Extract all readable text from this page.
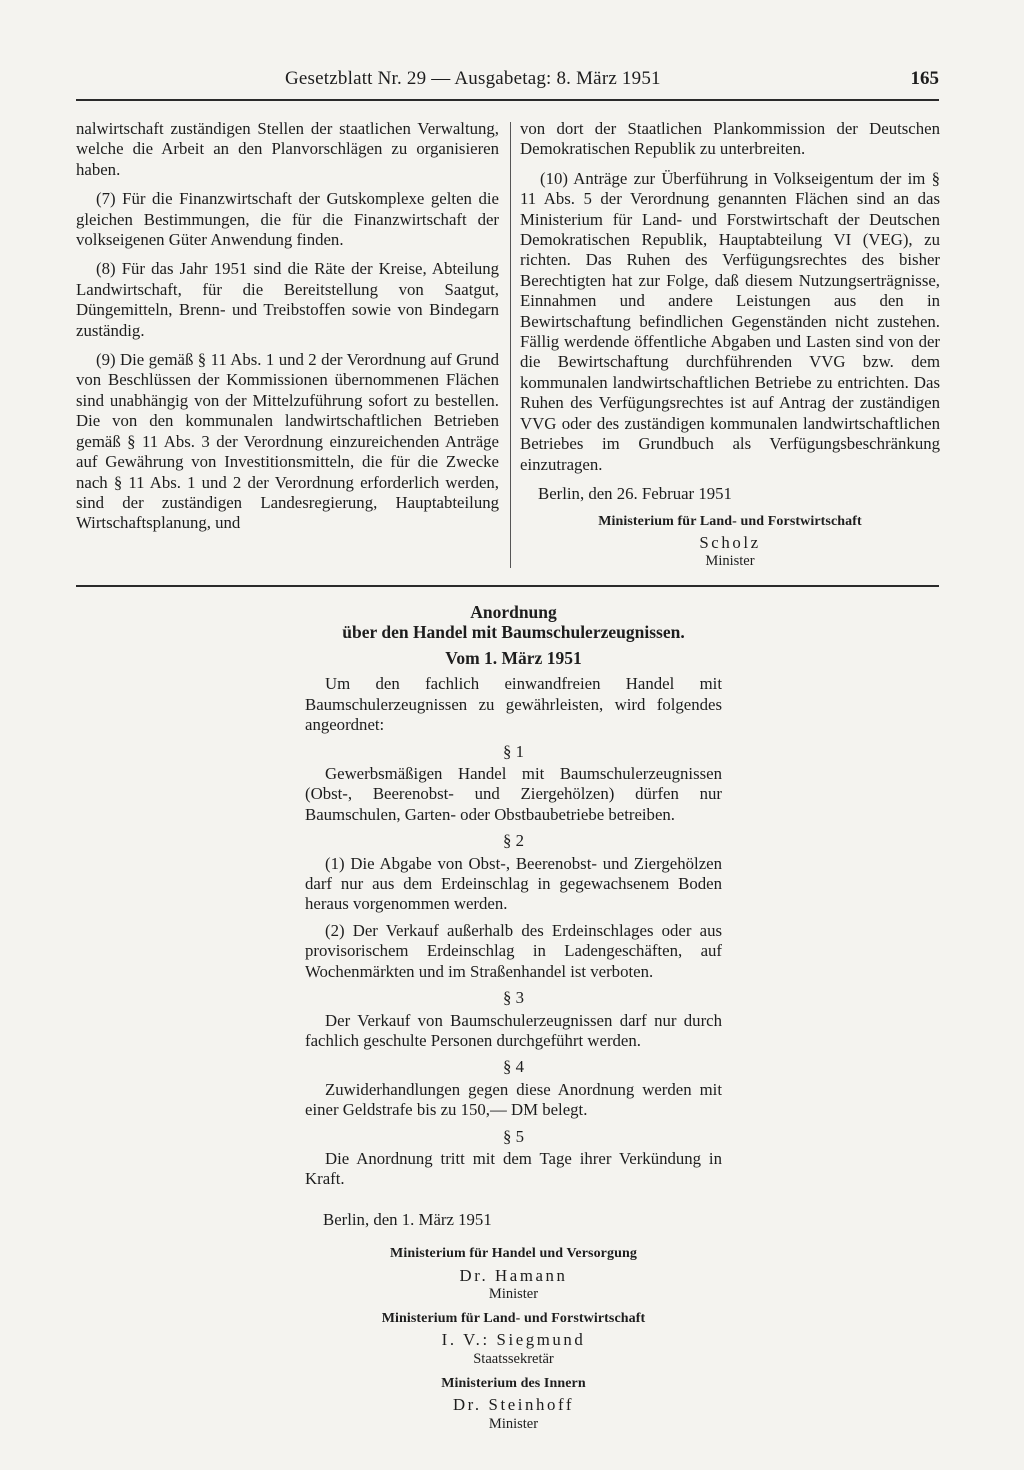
Gesetzblatt Nr. 29 — Ausgabetag: 8. März 1951	165

nalwirtschaft zuständigen Stellen der staatlichen Verwaltung, welche die Arbeit an den Planvorschlägen zu organisieren haben.

(7) Für die Finanzwirtschaft der Gutskomplexe gelten die gleichen Bestimmungen, die für die Finanzwirtschaft der volkseigenen Güter Anwendung finden.

(8) Für das Jahr 1951 sind die Räte der Kreise, Abteilung Landwirtschaft, für die Bereitstellung von Saatgut, Düngemitteln, Brenn- und Treibstoffen sowie von Bindegarn zuständig.

(9) Die gemäß § 11 Abs. 1 und 2 der Verordnung auf Grund von Beschlüssen der Kommissionen übernommenen Flächen sind unabhängig von der Mittelzuführung sofort zu bestellen. Die von den kommunalen landwirtschaftlichen Betrieben gemäß § 11 Abs. 3 der Verordnung einzureichenden Anträge auf Gewährung von Investitionsmitteln, die für die Zwecke nach § 11 Abs. 1 und 2 der Verordnung erforderlich werden, sind der zuständigen Landesregierung, Hauptabteilung Wirtschaftsplanung, und

von dort der Staatlichen Plankommission der Deutschen Demokratischen Republik zu unterbreiten.

(10) Anträge zur Überführung in Volkseigentum der im § 11 Abs. 5 der Verordnung genannten Flächen sind an das Ministerium für Land- und Forstwirtschaft der Deutschen Demokratischen Republik, Hauptabteilung VI (VEG), zu richten. Das Ruhen des Verfügungsrechtes des bisher Berechtigten hat zur Folge, daß diesem Nutzungserträgnisse, Einnahmen und andere Leistungen aus den in Bewirtschaftung befindlichen Gegenständen nicht zustehen. Fällig werdende öffentliche Abgaben und Lasten sind von der die Bewirtschaftung durchführenden VVG bzw. dem kommunalen landwirtschaftlichen Betriebe zu entrichten. Das Ruhen des Verfügungsrechtes ist auf Antrag der zuständigen VVG oder des zuständigen kommunalen landwirtschaftlichen Betriebes im Grundbuch als Verfügungsbeschränkung einzutragen.

Berlin, den 26. Februar 1951
Ministerium für Land- und Forstwirtschaft
Scholz
Minister
Anordnung
über den Handel mit Baumschulerzeugnissen.
Vom 1. März 1951

Um den fachlich einwandfreien Handel mit Baumschulerzeugnissen zu gewährleisten, wird folgendes angeordnet:

§ 1

Gewerbsmäßigen Handel mit Baumschulerzeugnissen (Obst-, Beerenobst- und Ziergehölzen) dürfen nur Baumschulen, Garten- oder Obstbaubetriebe betreiben.

§ 2

(1) Die Abgabe von Obst-, Beerenobst- und Ziergehölzen darf nur aus dem Erdeinschlag in gegewachsenem Boden heraus vorgenommen werden.

(2) Der Verkauf außerhalb des Erdeinschlages oder aus provisorischem Erdeinschlag in Ladengeschäften, auf Wochenmärkten und im Straßenhandel ist verboten.

§ 3

Der Verkauf von Baumschulerzeugnissen darf nur durch fachlich geschulte Personen durchgeführt werden.

§ 4

Zuwiderhandlungen gegen diese Anordnung werden mit einer Geldstrafe bis zu 150,— DM belegt.

§ 5

Die Anordnung tritt mit dem Tage ihrer Verkündung in Kraft.

Berlin, den 1. März 1951
Ministerium für Handel und Versorgung
Dr. Hamann
Minister
Ministerium für Land- und Forstwirtschaft
I. V.: Siegmund
Staatssekretär
Ministerium des Innern
Dr. Steinhoff
Minister
